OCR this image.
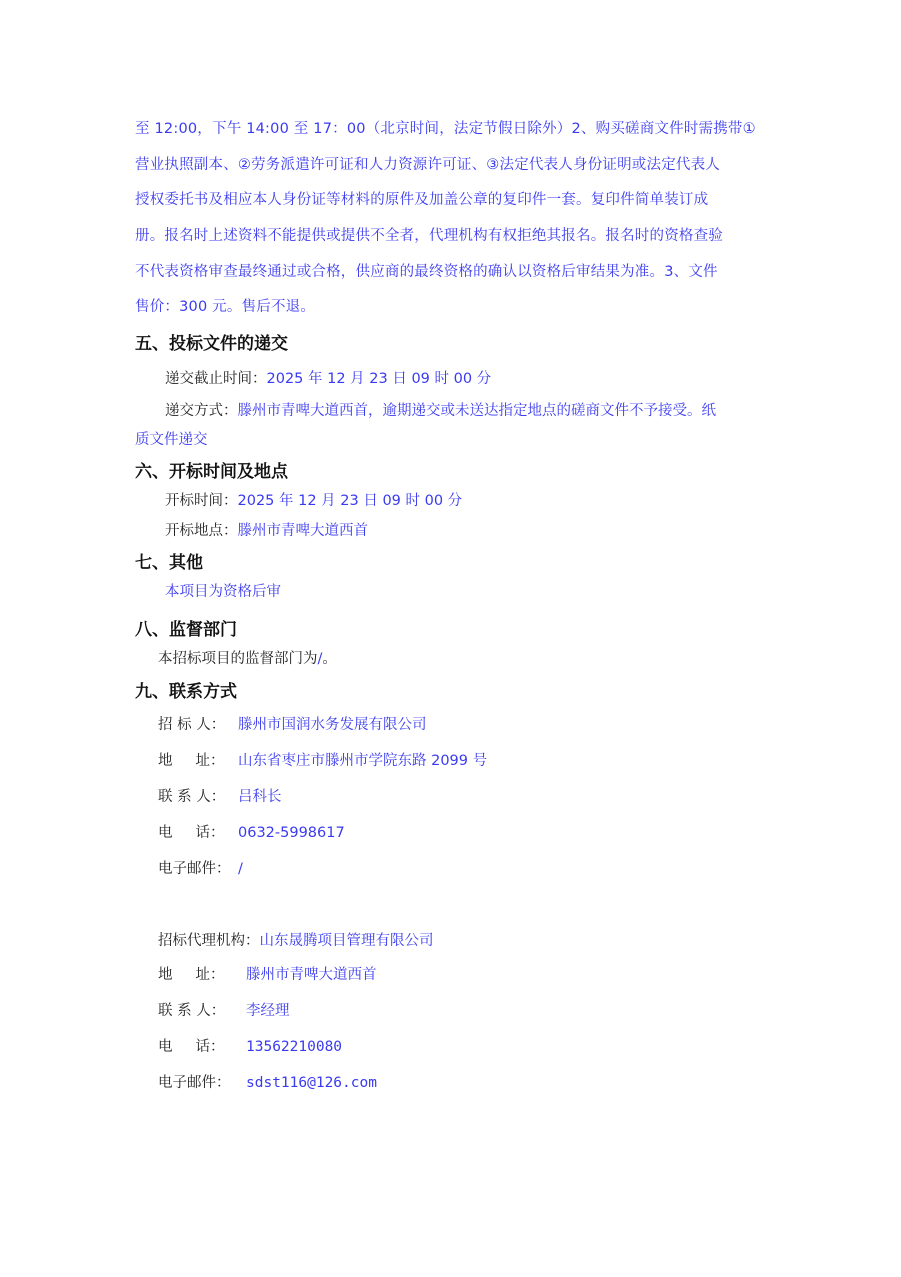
至 12:00，下午 14:00 至 17：00（北京时间，法定节假日除外）2、购买磋商文件时需携带①
营业执照副本、②劳务派遣许可证和人力资源许可证、③法定代表人身份证明或法定代表人
授权委托书及相应本人身份证等材料的原件及加盖公章的复印件一套。复印件简单装订成
册。报名时上述资料不能提供或提供不全者，代理机构有权拒绝其报名。报名时的资格查验
不代表资格审查最终通过或合格，供应商的最终资格的确认以资格后审结果为准。3、文件
售价：300 元。售后不退。
五、投标文件的递交
递交截止时间：2025 年 12 月 23 日 09 时 00 分
递交方式：滕州市青啤大道西首，逾期递交或未送达指定地点的磋商文件不予接受。纸
质文件递交
六、开标时间及地点
开标时间：2025 年 12 月 23 日 09 时 00 分
开标地点：滕州市青啤大道西首
七、其他
本项目为资格后审
八、监督部门
本招标项目的监督部门为/。
九、联系方式
招 标 人： 滕州市国润水务发展有限公司
地     址： 山东省枣庄市滕州市学院东路 2099 号
联 系 人： 吕科长
电     话： 0632-5998617
电子邮件： /
招标代理机构：山东晟腾项目管理有限公司
地     址： 滕州市青啤大道西首
联 系 人： 李经理
电     话： 13562210080
电子邮件： sdst116@126.com
